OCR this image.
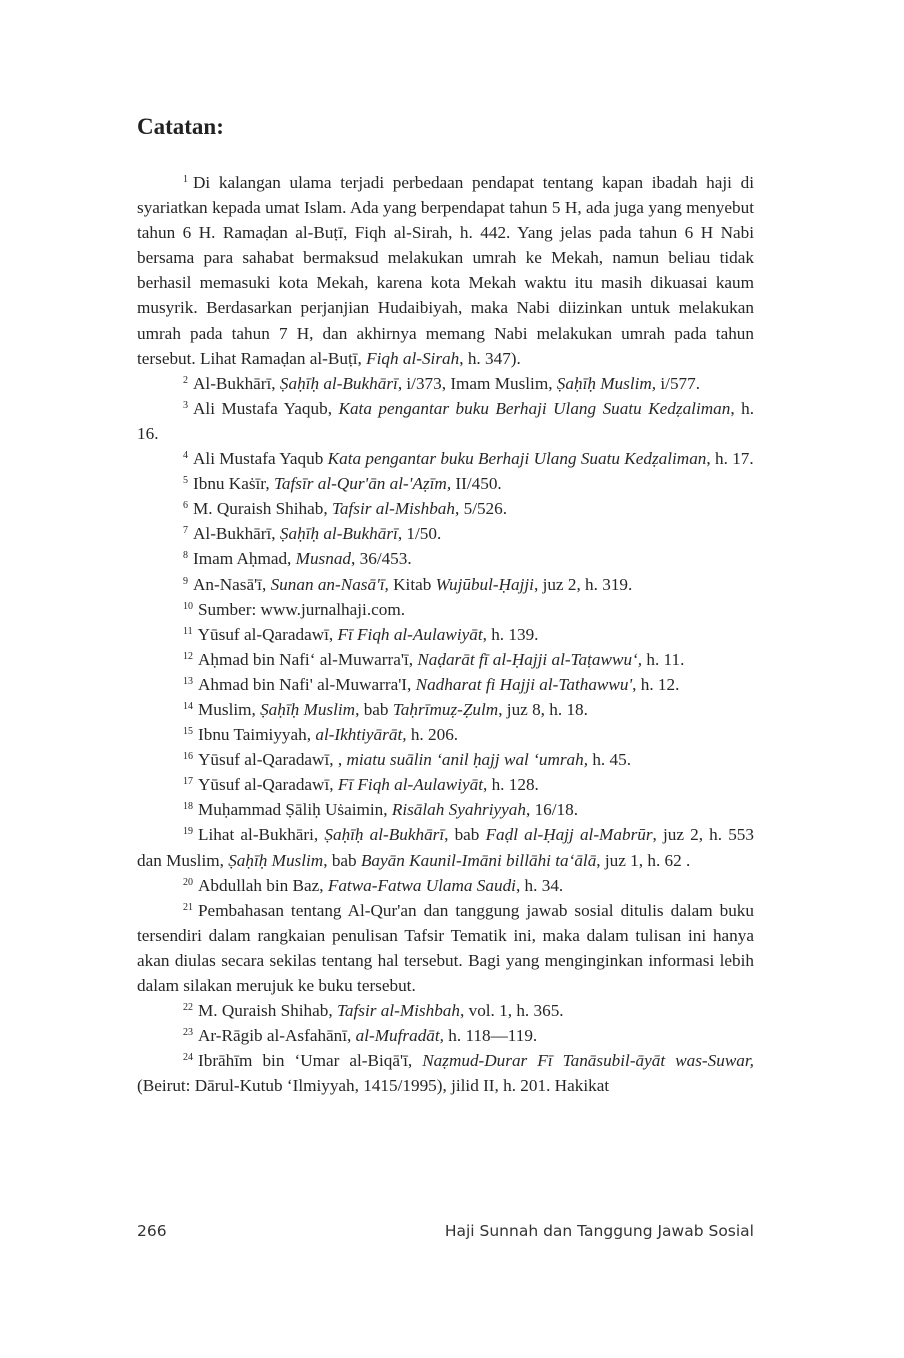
Catatan:

$^1$ Di kalangan ulama terjadi perbedaan pendapat tentang kapan ibadah haji di syariatkan kepada umat Islam. Ada yang berpendapat tahun 5 H, ada juga yang menyebut tahun 6 H. Ramaḍan al-Buṭī, Fiqh al-Sirah, h. 442. Yang jelas pada tahun 6 H Nabi bersama para sahabat bermaksud melakukan umrah ke Mekah, namun beliau tidak berhasil memasuki kota Mekah, karena kota Mekah waktu itu masih dikuasai kaum musyrik. Berdasarkan perjanjian Hudaibiyah, maka Nabi diizinkan untuk melakukan umrah pada tahun 7 H, dan akhirnya memang Nabi melakukan umrah pada tahun tersebut. Lihat Ramaḍan al-Buṭī, Fiqh al-Sirah, h. 347).

$^2$ Al-Bukhārī, Ṣaḥīḥ al-Bukhārī, i/373, Imam Muslim, Ṣaḥīḥ Muslim, i/577.

$^3$ Ali Mustafa Yaqub, Kata pengantar buku Berhaji Ulang Suatu Kedẓaliman, h. 16.

$^4$ Ali Mustafa Yaqub Kata pengantar buku Berhaji Ulang Suatu Kedẓaliman, h. 17.

$^5$ Ibnu Kaṡīr, Tafsīr al-Qur'ān al-'Aẓīm, II/450.

$^6$ M. Quraish Shihab, Tafsir al-Mishbah, 5/526.

$^7$ Al-Bukhārī, Ṣaḥīḥ al-Bukhārī, 1/50.

$^8$ Imam Aḥmad, Musnad, 36/453.

$^9$ An-Nasā'ī, Sunan an-Nasā'ī, Kitab Wujūbul-Ḥajji, juz 2, h. 319.

$^{10}$ Sumber: www.jurnalhaji.com.

$^{11}$ Yūsuf al-Qaradawī, Fī Fiqh al-Aulawiyāt, h. 139.

$^{12}$ Aḥmad bin Nafi‘ al-Muwarra'ī, Naḍarāt fī al-Ḥajji al-Taṭawwu‘, h. 11.

$^{13}$ Ahmad bin Nafi' al-Muwarra'I, Nadharat fi Hajji al-Tathawwu', h. 12.

$^{14}$ Muslim, Ṣaḥīḥ Muslim, bab Taḥrīmuẓ-Ẓulm, juz 8, h. 18.

$^{15}$ Ibnu Taimiyyah, al-Ikhtiyārāt, h. 206.

$^{16}$ Yūsuf al-Qaradawī, , miatu suālin ‘anil ḥajj wal ‘umrah, h. 45.

$^{17}$ Yūsuf al-Qaradawī, Fī Fiqh al-Aulawiyāt, h. 128.

$^{18}$ Muḥammad Ṣāliḥ Uṡaimin, Risālah Syahriyyah, 16/18.

$^{19}$ Lihat al-Bukhāri, Ṣaḥīḥ al-Bukhārī, bab Faḍl al-Ḥajj al-Mabrūr, juz 2, h. 553 dan Muslim, Ṣaḥīḥ Muslim, bab Bayān Kaunil-Imāni billāhi ta‘ālā, juz 1, h. 62 .

$^{20}$ Abdullah bin Baz, Fatwa-Fatwa Ulama Saudi, h. 34.

$^{21}$ Pembahasan tentang Al-Qur'an dan tanggung jawab sosial ditulis dalam buku tersendiri dalam rangkaian penulisan Tafsir Tematik ini, maka dalam tulisan ini hanya akan diulas secara sekilas tentang hal tersebut. Bagi yang menginginkan informasi lebih dalam silakan merujuk ke buku tersebut.

$^{22}$ M. Quraish Shihab, Tafsir al-Mishbah, vol. 1, h. 365.

$^{23}$ Ar-Rāgib al-Asfahānī, al-Mufradāt, h. 118—119.

$^{24}$ Ibrāhīm bin ‘Umar al-Biqā'ī, Naẓmud-Durar Fī Tanāsubil-āyāt was-Suwar, (Beirut: Dārul-Kutub ‘Ilmiyyah, 1415/1995), jilid II, h. 201. Hakikat

266	Haji Sunnah dan Tanggung Jawab Sosial
